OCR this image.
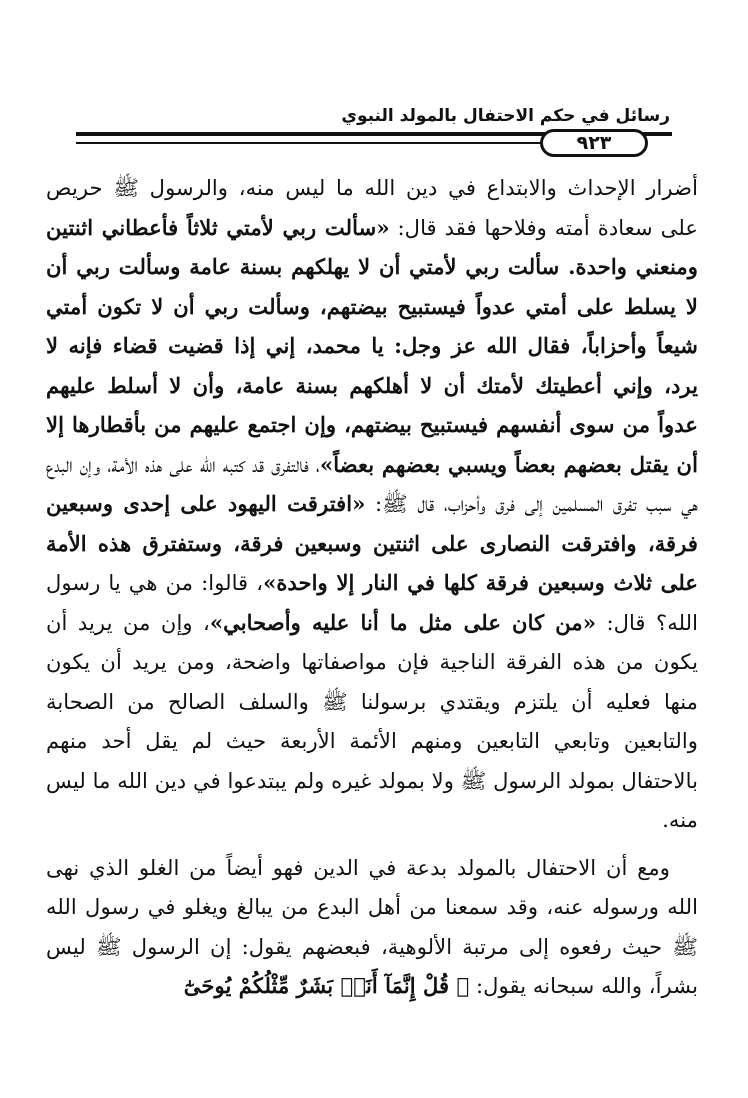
رسائل في حكم الاحتفال بالمولد النبوي
٩٢٣

أضرار الإحداث والابتداع في دين الله ما ليس منه، والرسول ﷺ حريص على سعادة أمته وفلاحها فقد قال: «سألت ربي لأمتي ثلاثاً فأعطاني اثنتين ومنعني واحدة. سألت ربي لأمتي أن لا يهلكهم بسنة عامة وسألت ربي أن لا يسلط على أمتي عدواً فيستبيح بيضتهم، وسألت ربي أن لا تكون أمتي شيعاً وأحزاباً، فقال الله عز وجل: يا محمد، إني إذا قضيت قضاء فإنه لا يرد، وإني أعطيتك لأمتك أن لا أهلكهم بسنة عامة، وأن لا أسلط عليهم عدواً من سوى أنفسهم فيستبيح بيضتهم، وإن اجتمع عليهم من بأقطارها إلا أن يقتل بعضهم بعضاً ويسبي بعضهم بعضاً»، فالتفرق قد كتبه الله على هذه الأمة، وإن البدع هي سبب تفرق المسلمين إلى فرق وأحزاب، قال ﷺ: «افترقت اليهود على إحدى وسبعين فرقة، وافترقت النصارى على اثنتين وسبعين فرقة، وستفترق هذه الأمة على ثلاث وسبعين فرقة كلها في النار إلا واحدة»، قالوا: من هي يا رسول الله؟ قال: «من كان على مثل ما أنا عليه وأصحابي»، وإن من يريد أن يكون من هذه الفرقة الناجية فإن مواصفاتها واضحة، ومن يريد أن يكون منها فعليه أن يلتزم ويقتدي برسولنا ﷺ والسلف الصالح من الصحابة والتابعين وتابعي التابعين ومنهم الأئمة الأربعة حيث لم يقل أحد منهم بالاحتفال بمولد الرسول ﷺ ولا بمولد غيره ولم يبتدعوا في دين الله ما ليس منه.

ومع أن الاحتفال بالمولد بدعة في الدين فهو أيضاً من الغلو الذي نهى الله ورسوله عنه، وقد سمعنا من أهل البدع من يبالغ ويغلو في رسول الله ﷺ حيث رفعوه إلى مرتبة الألوهية، فبعضهم يقول: إن الرسول ﷺ ليس بشراً، والله سبحانه يقول: ﴿ قُلْ إِنَّمَآ أَنَا۠ بَشَرٌ مِّثْلُكُمْ يُوحَىٰٓ
